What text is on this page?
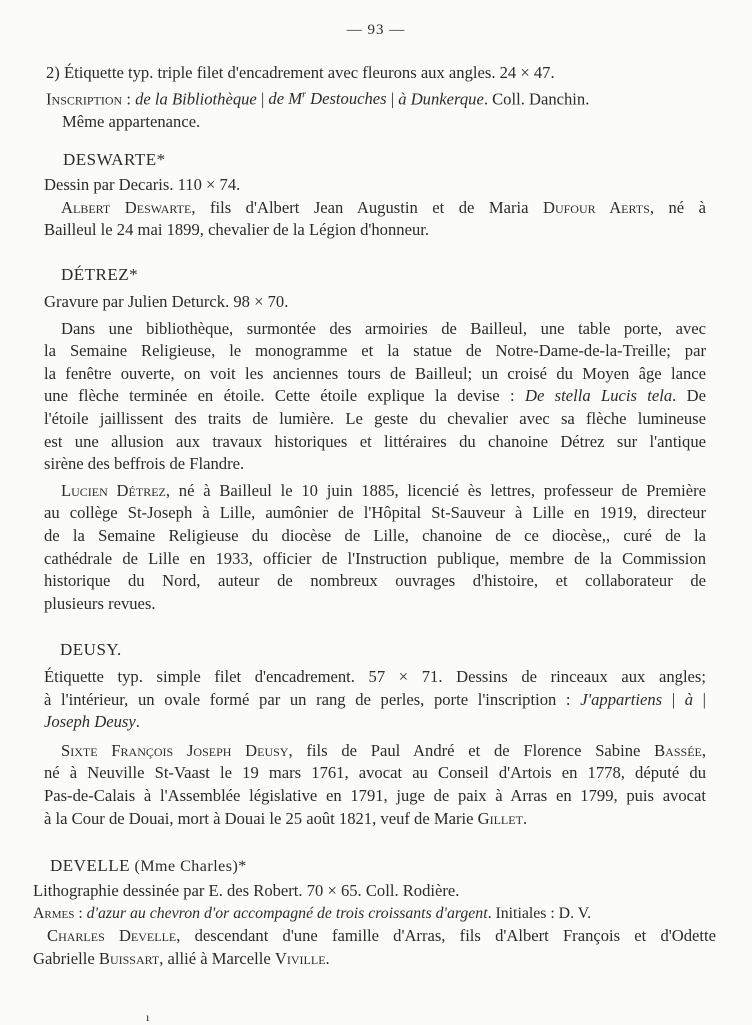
— 93 —
2) Étiquette typ. triple filet d'encadrement avec fleurons aux angles. 24 × 47.
Inscription : de la Bibliothèque | de $M^r$ Destouches | à Dunkerque. Coll. Danchin.
Même appartenance.
DESWARTE*
Dessin par Decaris. 110 × 74.
Albert Deswarte, fils d'Albert Jean Augustin et de Maria Dufour Aerts, né à
Bailleul le 24 mai 1899, chevalier de la Légion d'honneur.
DÉTREZ*
Gravure par Julien Deturck. 98 × 70.
Dans une bibliothèque, surmontée des armoiries de Bailleul, une table porte, avec
la Semaine Religieuse, le monogramme et la statue de Notre-Dame-de-la-Treille; par
la fenêtre ouverte, on voit les anciennes tours de Bailleul; un croisé du Moyen âge lance
une flèche terminée en étoile. Cette étoile explique la devise : De stella Lucis tela. De
l'étoile jaillissent des traits de lumière. Le geste du chevalier avec sa flèche lumineuse
est une allusion aux travaux historiques et littéraires du chanoine Détrez sur l'antique
sirène des beffrois de Flandre.
Lucien Détrez, né à Bailleul le 10 juin 1885, licencié ès lettres, professeur de Première
au collège St-Joseph à Lille, aumônier de l'Hôpital St-Sauveur à Lille en 1919, directeur
de la Semaine Religieuse du diocèse de Lille, chanoine de ce diocèse,, curé de la
cathédrale de Lille en 1933, officier de l'Instruction publique, membre de la Commission
historique du Nord, auteur de nombreux ouvrages d'histoire, et collaborateur de
plusieurs revues.
DEUSY.
Étiquette typ. simple filet d'encadrement. 57 × 71. Dessins de rinceaux aux angles;
à l'intérieur, un ovale formé par un rang de perles, porte l'inscription : J'appartiens | à |
Joseph Deusy.
Sixte François Joseph Deusy, fils de Paul André et de Florence Sabine Bassée,
né à Neuville St-Vaast le 19 mars 1761, avocat au Conseil d'Artois en 1778, député du
Pas-de-Calais à l'Assemblée législative en 1791, juge de paix à Arras en 1799, puis avocat
à la Cour de Douai, mort à Douai le 25 août 1821, veuf de Marie Gillet.
DEVELLE (Mme Charles)*
Lithographie dessinée par E. des Robert. 70 × 65. Coll. Rodière.
Armes : d'azur au chevron d'or accompagné de trois croissants d'argent. Initiales : D. V.
Charles Develle, descendant d'une famille d'Arras, fils d'Albert François et d'Odette
Gabrielle Buissart, allié à Marcelle Viville.
ı
